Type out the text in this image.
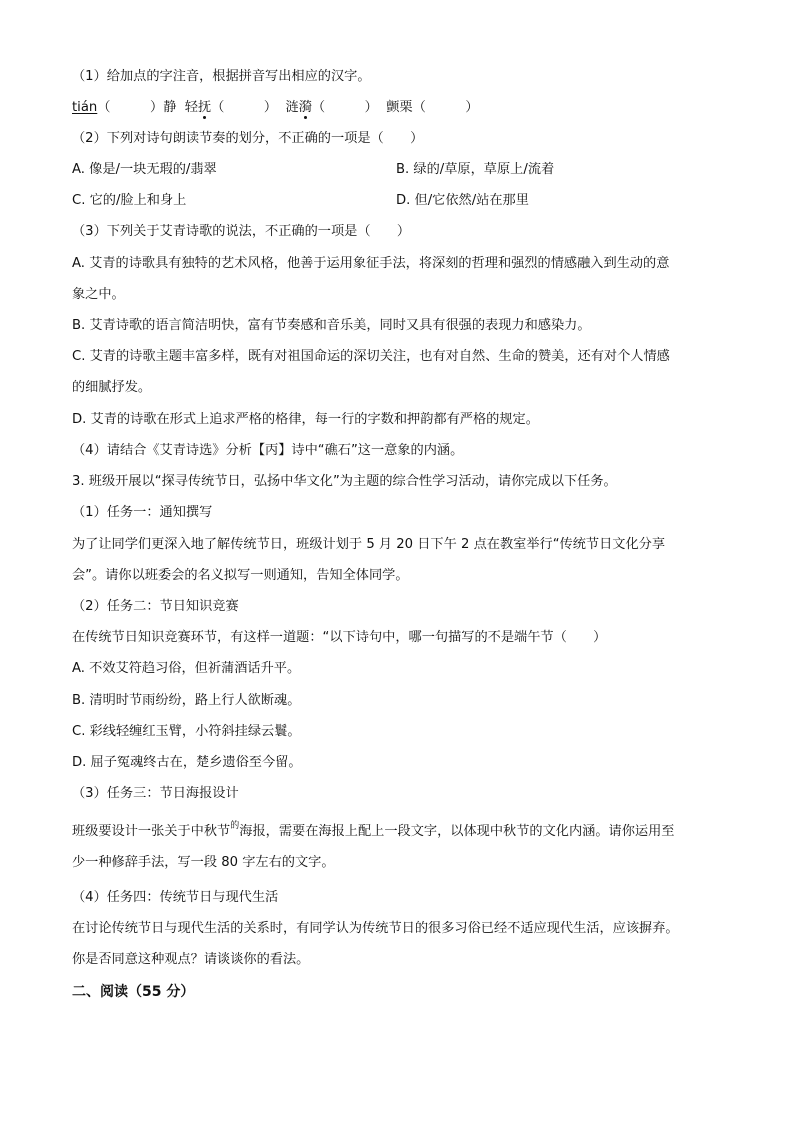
（1）给加点的字注音，根据拼音写出相应的汉字。
tián（　　　）静 轻抚（　　　） 涟漪（　　　） 颤栗（　　　）
（2）下列对诗句朗读节奏的划分，不正确的一项是（　　）
A. 像是/一块无瑕的/翡翠	B. 绿的/草原，草原上/流着
C. 它的/脸上和身上	D. 但/它依然/站在那里
（3）下列关于艾青诗歌的说法，不正确的一项是（　　）
A. 艾青的诗歌具有独特的艺术风格，他善于运用象征手法，将深刻的哲理和强烈的情感融入到生动的意
象之中。
B. 艾青诗歌的语言简洁明快，富有节奏感和音乐美，同时又具有很强的表现力和感染力。
C. 艾青的诗歌主题丰富多样，既有对祖国命运的深切关注，也有对自然、生命的赞美，还有对个人情感
的细腻抒发。
D. 艾青的诗歌在形式上追求严格的格律，每一行的字数和押韵都有严格的规定。
（4）请结合《艾青诗选》分析【丙】诗中“礁石”这一意象的内涵。
3. 班级开展以“探寻传统节日，弘扬中华文化”为主题的综合性学习活动，请你完成以下任务。
（1）任务一：通知撰写
为了让同学们更深入地了解传统节日，班级计划于 5 月 20 日下午 2 点在教室举行“传统节日文化分享
会”。请你以班委会的名义拟写一则通知，告知全体同学。
（2）任务二：节日知识竞赛
在传统节日知识竞赛环节，有这样一道题：“以下诗句中，哪一句描写的不是端午节（　　）
A. 不效艾符趋习俗，但祈蒲酒话升平。
B. 清明时节雨纷纷，路上行人欲断魂。
C. 彩线轻缠红玉臂，小符斜挂绿云鬟。
D. 屈子冤魂终古在，楚乡遗俗至今留。
（3）任务三：节日海报设计
班级要设计一张关于中秋节$^的$海报，需要在海报上配上一段文字，以体现中秋节的文化内涵。请你运用至
少一种修辞手法，写一段 80 字左右的文字。
（4）任务四：传统节日与现代生活
在讨论传统节日与现代生活的关系时，有同学认为传统节日的很多习俗已经不适应现代生活，应该摒弃。
你是否同意这种观点？请谈谈你的看法。
二、阅读（55 分）
